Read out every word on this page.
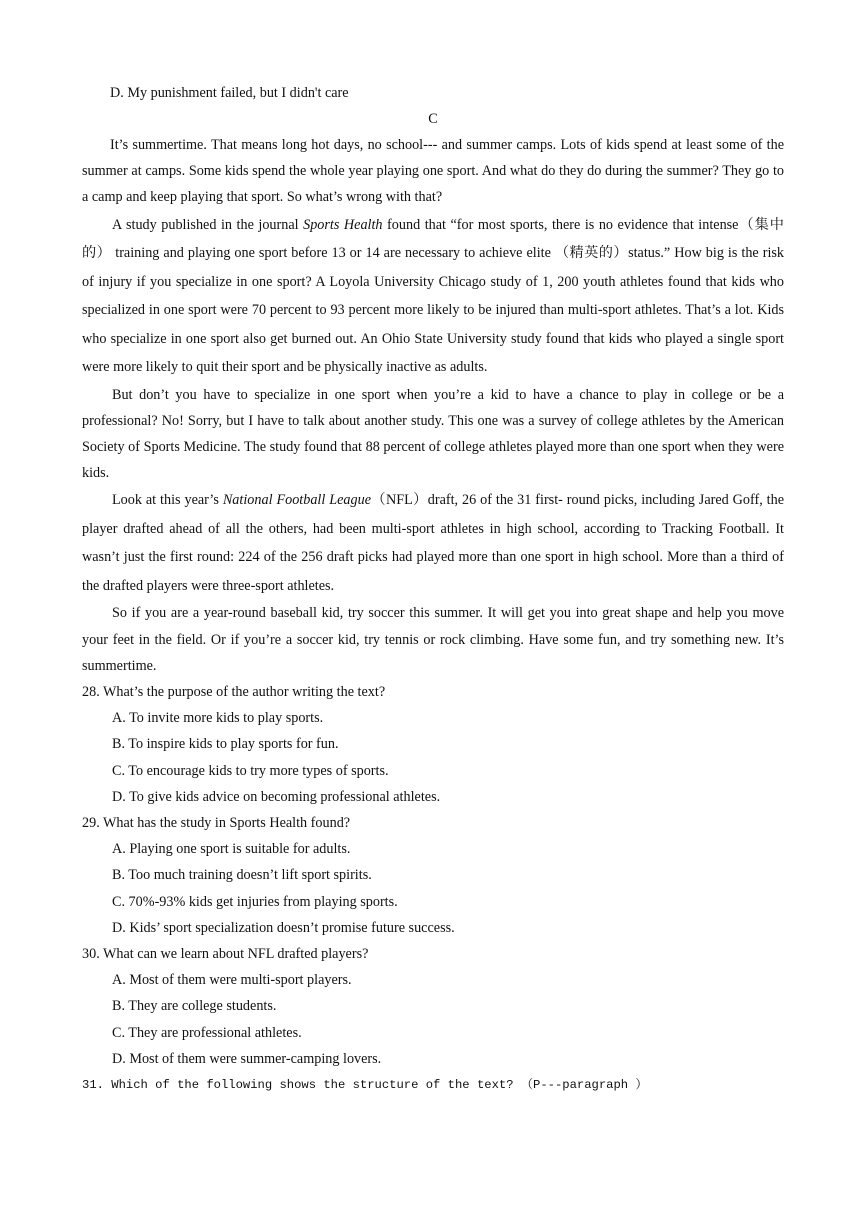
D. My punishment failed, but I didn't care
C

It’s summertime. That means long hot days, no school--- and summer camps. Lots of kids spend at least some of the summer at camps. Some kids spend the whole year playing one sport. And what do they do during the summer? They go to a camp and keep playing that sport. So what’s wrong with that?

A study published in the journal Sports Health found that “for most sports, there is no evidence that intense（集中的） training and playing one sport before 13 or 14 are necessary to achieve elite （精英的）status.” How big is the risk of injury if you specialize in one sport? A Loyola University Chicago study of 1, 200 youth athletes found that kids who specialized in one sport were 70 percent to 93 percent more likely to be injured than multi-sport athletes. That’s a lot. Kids who specialize in one sport also get burned out. An Ohio State University study found that kids who played a single sport were more likely to quit their sport and be physically inactive as adults.

But don’t you have to specialize in one sport when you’re a kid to have a chance to play in college or be a professional? No! Sorry, but I have to talk about another study. This one was a survey of college athletes by the American Society of Sports Medicine. The study found that 88 percent of college athletes played more than one sport when they were kids.

Look at this year’s National Football League（NFL）draft, 26 of the 31 first- round picks, including Jared Goff, the player drafted ahead of all the others, had been multi-sport athletes in high school, according to Tracking Football. It wasn’t just the first round: 224 of the 256 draft picks had played more than one sport in high school. More than a third of the drafted players were three-sport athletes.

So if you are a year-round baseball kid, try soccer this summer. It will get you into great shape and help you move your feet in the field. Or if you’re a soccer kid, try tennis or rock climbing. Have some fun, and try something new. It’s summertime.

28. What’s the purpose of the author writing the text?

A. To invite more kids to play sports.

B. To inspire kids to play sports for fun.

C. To encourage kids to try more types of sports.

D. To give kids advice on becoming professional athletes.

29. What has the study in Sports Health found?

A. Playing one sport is suitable for adults.

B. Too much training doesn’t lift sport spirits.

C. 70%-93% kids get injuries from playing sports.

D. Kids’ sport specialization doesn’t promise future success.

30. What can we learn about NFL drafted players?

A. Most of them were multi-sport players.

B. They are college students.

C. They are professional athletes.

D. Most of them were summer-camping lovers.

31. Which of the following shows the structure of the text? （P---paragraph ）
